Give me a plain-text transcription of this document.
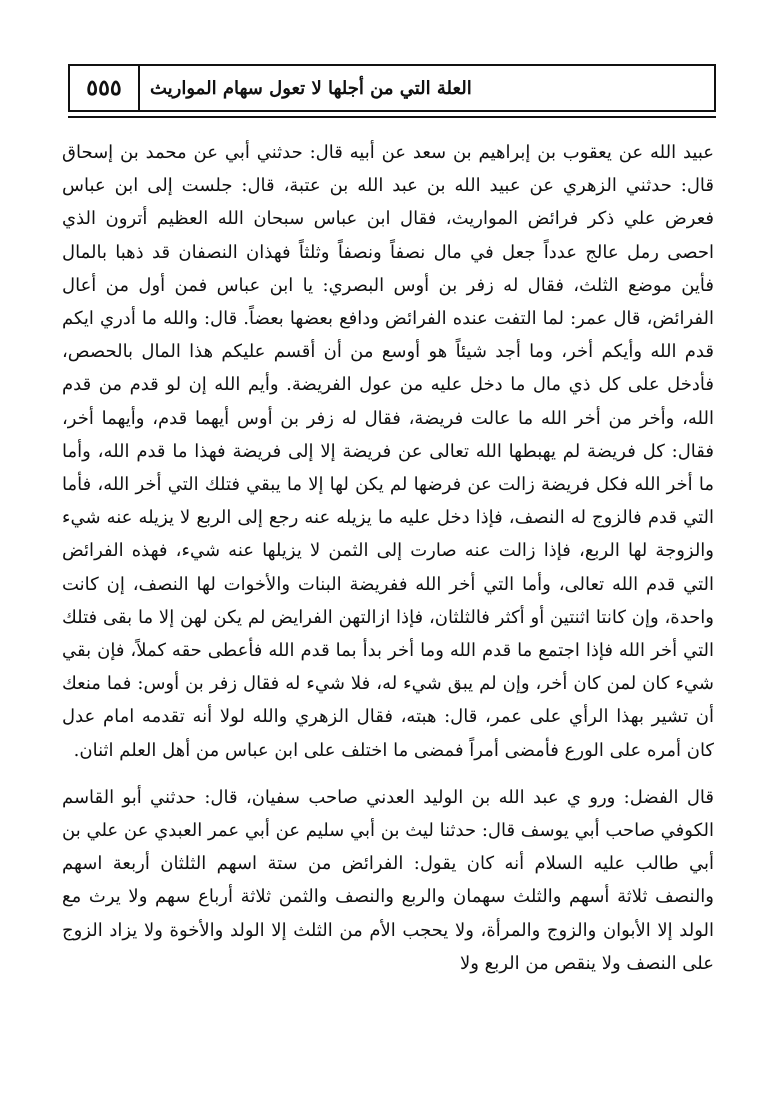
٥٥٥	العلة التي من أجلها لا تعول سهام المواريث

عبيد الله عن يعقوب بن إبراهيم بن سعد عن أبيه قال: حدثني أبي عن محمد بن إسحاق قال: حدثني الزهري عن عبيد الله بن عبد الله بن عتبة، قال: جلست إلى ابن عباس فعرض علي ذكر فرائض المواريث، فقال ابن عباس سبحان الله العظيم أترون الذي احصى رمل عالج عدداً جعل في مال نصفاً ونصفاً وثلثاً فهذان النصفان قد ذهبا بالمال فأين موضع الثلث، فقال له زفر بن أوس البصري: يا ابن عباس فمن أول من أعال الفرائض، قال عمر: لما التفت عنده الفرائض ودافع بعضها بعضاً. قال: والله ما أدري ايكم قدم الله وأيكم أخر، وما أجد شيئاً هو أوسع من أن أقسم عليكم هذا المال بالحصص، فأدخل على كل ذي مال ما دخل عليه من عول الفريضة. وأيم الله إن لو قدم من قدم الله، وأخر من أخر الله ما عالت فريضة، فقال له زفر بن أوس أيهما قدم، وأيهما أخر، فقال: كل فريضة لم يهبطها الله تعالى عن فريضة إلا إلى فريضة فهذا ما قدم الله، وأما ما أخر الله فكل فريضة زالت عن فرضها لم يكن لها إلا ما يبقي فتلك التي أخر الله، فأما التي قدم فالزوج له النصف، فإذا دخل عليه ما يزيله عنه رجع إلى الربع لا يزيله عنه شيء والزوجة لها الربع، فإذا زالت عنه صارت إلى الثمن لا يزيلها عنه شيء، فهذه الفرائض التي قدم الله تعالى، وأما التي أخر الله ففريضة البنات والأخوات لها النصف، إن كانت واحدة، وإن كانتا اثنتين أو أكثر فالثلثان، فإذا ازالتهن الفرايض لم يكن لهن إلا ما بقى فتلك التي أخر الله فإذا اجتمع ما قدم الله وما أخر بدأ بما قدم الله فأعطى حقه كملاً، فإن بقي شيء كان لمن كان أخر، وإن لم يبق شيء له، فلا شيء له فقال زفر بن أوس: فما منعك أن تشير بهذا الرأي على عمر، قال: هبته، فقال الزهري والله لولا أنه تقدمه امام عدل كان أمره على الورع فأمضى أمراً فمضى ما اختلف على ابن عباس من أهل العلم اثنان.

قال الفضل: ورو ي عبد الله بن الوليد العدني صاحب سفيان، قال: حدثني أبو القاسم الكوفي صاحب أبي يوسف قال: حدثنا ليث بن أبي سليم عن أبي عمر العبدي عن علي بن أبي طالب عليه السلام أنه كان يقول: الفرائض من ستة اسهم الثلثان أربعة اسهم والنصف ثلاثة أسهم والثلث سهمان والربع والنصف والثمن ثلاثة أرباع سهم ولا يرث مع الولد إلا الأبوان والزوج والمرأة، ولا يحجب الأم من الثلث إلا الولد والأخوة ولا يزاد الزوج على النصف ولا ينقص من الربع ولا
